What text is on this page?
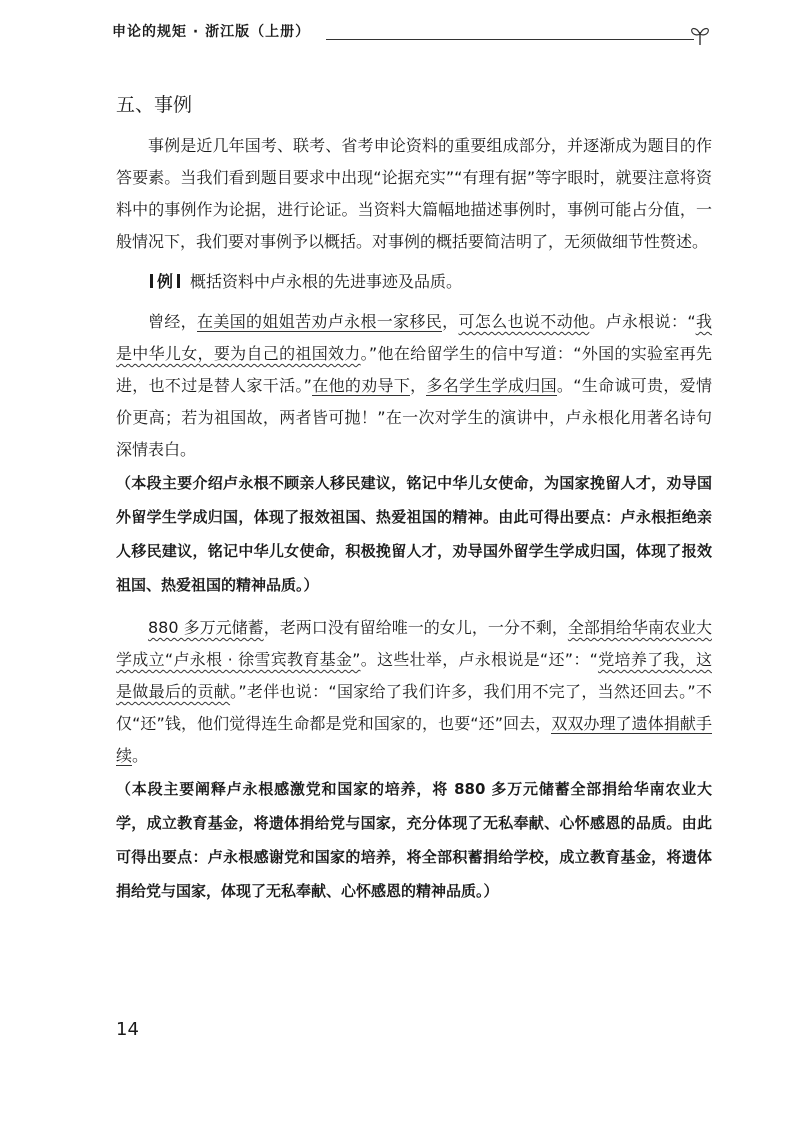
申论的规矩 · 浙江版（上册）
五、事例

事例是近几年国考、联考、省考申论资料的重要组成部分，并逐渐成为题目的作答要素。当我们看到题目要求中出现“论据充实”“有理有据”等字眼时，就要注意将资料中的事例作为论据，进行论证。当资料大篇幅地描述事例时，事例可能占分值，一般情况下，我们要对事例予以概括。对事例的概括要简洁明了，无须做细节性赘述。

例 概括资料中卢永根的先进事迹及品质。

曾经，在美国的姐姐苦劝卢永根一家移民，可怎么也说不动他。卢永根说：“我是中华儿女，要为自己的祖国效力。”他在给留学生的信中写道：“外国的实验室再先进，也不过是替人家干活。”在他的劝导下，多名学生学成归国。“生命诚可贵，爱情价更高；若为祖国故，两者皆可抛！”在一次对学生的演讲中，卢永根化用著名诗句深情表白。

（本段主要介绍卢永根不顾亲人移民建议，铭记中华儿女使命，为国家挽留人才，劝导国外留学生学成归国，体现了报效祖国、热爱祖国的精神。由此可得出要点：卢永根拒绝亲人移民建议，铭记中华儿女使命，积极挽留人才，劝导国外留学生学成归国，体现了报效祖国、热爱祖国的精神品质。）

880 多万元储蓄，老两口没有留给唯一的女儿，一分不剩，全部捐给华南农业大学成立“卢永根 · 徐雪宾教育基金”。这些壮举，卢永根说是“还”：“党培养了我，这是做最后的贡献。”老伴也说：“国家给了我们许多，我们用不完了，当然还回去。”不仅“还”钱，他们觉得连生命都是党和国家的，也要“还”回去，双双办理了遗体捐献手续。

（本段主要阐释卢永根感激党和国家的培养，将 880 多万元储蓄全部捐给华南农业大学，成立教育基金，将遗体捐给党与国家，充分体现了无私奉献、心怀感恩的品质。由此可得出要点：卢永根感谢党和国家的培养，将全部积蓄捐给学校，成立教育基金，将遗体捐给党与国家，体现了无私奉献、心怀感恩的精神品质。）

14
